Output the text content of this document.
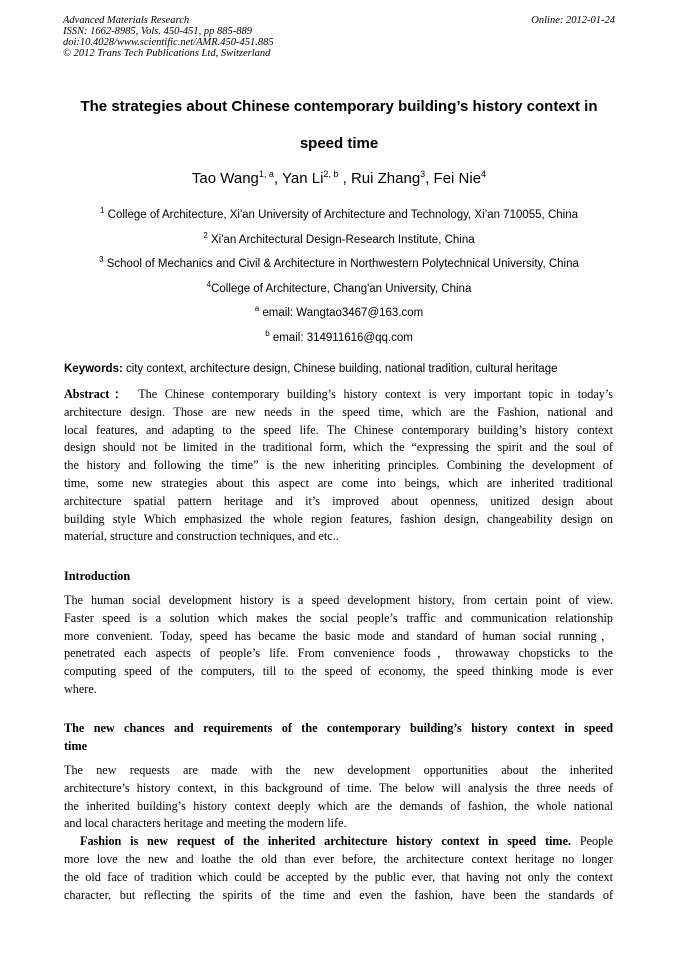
Advanced Materials Research
ISSN: 1662-8985, Vols. 450-451, pp 885-889
doi:10.4028/www.scientific.net/AMR.450-451.885
© 2012 Trans Tech Publications Ltd, Switzerland
Online: 2012-01-24
The strategies about Chinese contemporary building’s history context in
speed time
Tao Wang$^{1, a}$, Yan Li$^{2, b}$ , Rui Zhang$^3$, Fei Nie$^4$
$^1$ College of Architecture, Xi'an University of Architecture and Technology, Xi’an 710055, China
$^2$ Xi'an Architectural Design-Research Institute, China
$^3$ School of Mechanics and Civil & Architecture in Northwestern Polytechnical University, China
$^4$College of Architecture, Chang'an University, China
$^a$ email: Wangtao3467@163.com
$^b$ email: 314911616@qq.com
Keywords: city context, architecture design, Chinese building, national tradition, cultural heritage
Abstract： The Chinese contemporary building’s history context is very important topic in today’s
architecture design. Those are new needs in the speed time, which are the Fashion, national and
local features, and adapting to the speed life. The Chinese contemporary building’s history context
design should not be limited in the traditional form, which the “expressing the spirit and the soul of
the history and following the time” is the new inheriting principles. Combining the development of
time, some new strategies about this aspect are come into beings, which are inherited traditional
architecture spatial pattern heritage and it’s improved about openness, unitized design about
building style Which emphasized the whole region features, fashion design, changeability design on
material, structure and construction techniques, and etc..
Introduction
The human social development history is a speed development history, from certain point of view.
Faster speed is a solution which makes the social people’s traffic and communication relationship
more convenient. Today, speed has became the basic mode and standard of human social running，
penetrated each aspects of people’s life. From convenience foods，throwaway chopsticks to the
computing speed of the computers, till to the speed of economy, the speed thinking mode is ever
where.
The new chances and requirements of the contemporary building’s history context in speed
time
The new requests are made with the new development opportunities about the inherited
architecture’s history context, in this background of time. The below will analysis the three needs of
the inherited building’s history context deeply which are the demands of fashion, the whole national
and local characters heritage and meeting the modern life.
Fashion is new request of the inherited architecture history context in speed time. People
more love the new and loathe the old than ever before, the architecture context heritage no longer
the old face of tradition which could be accepted by the public ever, that having not only the context
character, but reflecting the spirits of the time and even the fashion, have been the standards of
